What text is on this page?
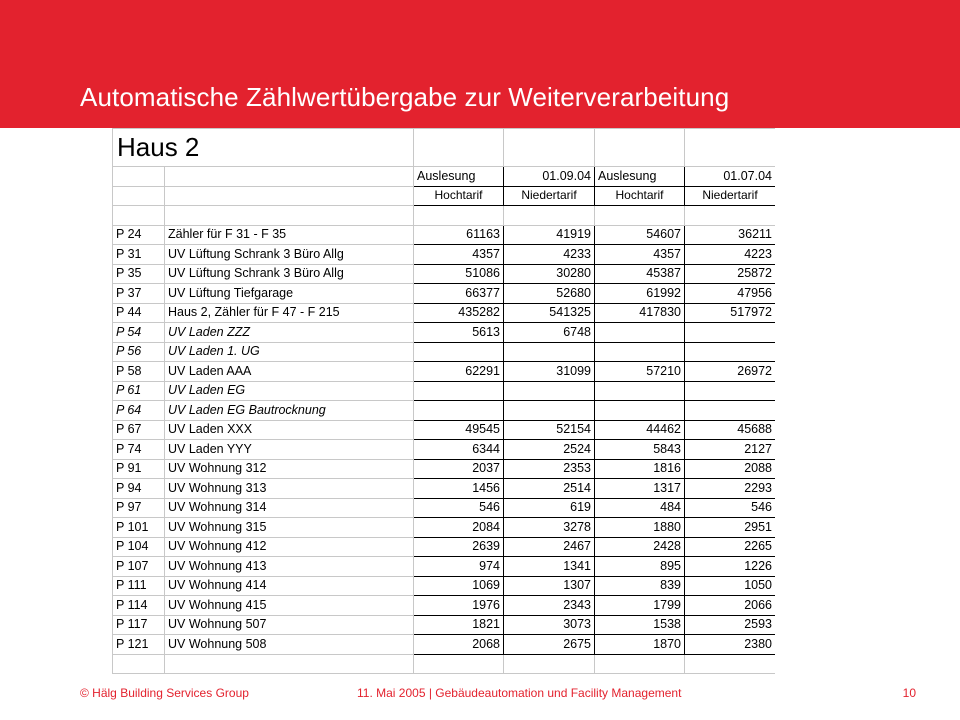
Automatische Zählwertübergabe zur Weiterverarbeitung
Haus 2					
		Auslesung	01.09.04	Auslesung	01.07.04
		Hochtarif	Niedertarif	Hochtarif	Niedertarif

P 24	Zähler für F 31 - F 35	61163	41919	54607	36211
P 31	UV Lüftung Schrank 3 Büro Allg	4357	4233	4357	4223
P 35	UV Lüftung Schrank 3 Büro Allg	51086	30280	45387	25872
P 37	UV Lüftung Tiefgarage	66377	52680	61992	47956
P 44	Haus 2, Zähler für F 47 - F 215	435282	541325	417830	517972
P 54	UV Laden ZZZ	5613	6748		
P 56	UV Laden 1. UG				
P 58	UV Laden AAA	62291	31099	57210	26972
P 61	UV Laden EG				
P 64	UV Laden EG Bautrocknung				
P 67	UV Laden XXX	49545	52154	44462	45688
P 74	UV Laden YYY	6344	2524	5843	2127
P 91	UV Wohnung 312	2037	2353	1816	2088
P 94	UV Wohnung 313	1456	2514	1317	2293
P 97	UV Wohnung 314	546	619	484	546
P 101	UV Wohnung 315	2084	3278	1880	2951
P 104	UV Wohnung 412	2639	2467	2428	2265
P 107	UV Wohnung 413	974	1341	895	1226
P 111	UV Wohnung 414	1069	1307	839	1050
P 114	UV Wohnung 415	1976	2343	1799	2066
P 117	UV Wohnung 507	1821	3073	1538	2593
P 121	UV Wohnung 508	2068	2675	1870	2380

© Hälg Building Services Group	11. Mai 2005 | Gebäudeautomation und Facility Management	10
